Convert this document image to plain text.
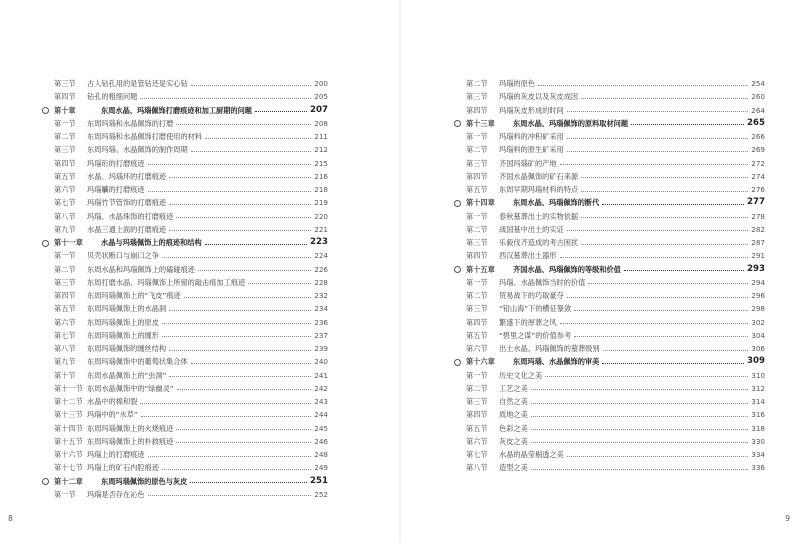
第三节	古人钻孔用的是管钻还是实心钻	200
第四节	钻孔的粗细问题	205
第十章	东周水晶、玛瑙佩饰打磨痕迹和加工厨期的问题	207
第一节	东周玛瑙和水晶佩饰的打磨	208
第二节	东周玛瑙和水晶佩饰打磨使用的材料	211
第三节	东周玛瑙、水晶佩饰的制作周期	212
第四节	玛瑙珩的打磨痕迹	215
第五节	水晶、玛瑙环的打磨痕迹	216
第六节	玛瑙觿的打磨痕迹	218
第七节	玛瑙竹节管饰的打磨痕迹	219
第八节	玛瑙、水晶珠饰的打磨痕迹	220
第九节	水晶三通上面的打磨痕迹	221
第十一章	水晶与玛瑙佩饰上的痕迹和结构	223
第一节	贝壳状断口与崩口之争	224
第二节	东周水晶和玛瑙佩饰上的磕碰痕迹	226
第三节	东周打磨水晶、玛瑙佩饰上所留的敲击痕加工痕迹	228
第四节	东周玛瑙佩饰上的“飞皮”痕迹	232
第五节	东周玛瑙佩饰上的水晶洞	234
第六节	东周玛瑙佩饰上的原皮	236
第七节	东周玛瑙佩饰上的缠形	237
第八节	东周玛瑙佩饰的缠丝结构	239
第九节	东周玛瑙佩饰中的葡萄状集合体	240
第十节	东周水晶佩饰上的“虫洞”	241
第十一节 东周水晶佩饰中的“绿幽灵”	242
第十二节 水晶中的棉和裂	243
第十三节 玛瑙中的“水草”	244
第十四节 东周玛瑙佩饰上的火烧痕迹	245
第十五节 东周玛瑙佩饰上的朴救痕迹	246
第十六节 玛瑙上的打磨痕迹	248
第十七节 玛瑙上的矿石内腔痕迹	249
第十二章	东周玛瑙佩饰的原色与灰皮	251
第一节	玛瑙是否存在沁色	252
8
第二节	玛瑙的原色	254
第三节	玛瑙的灰皮以及灰皮成因	260
第四节	玛瑙灰皮形成的时间	264
第十三章	东周水晶、玛瑙佩饰的原料取材问题	265
第一节	玛瑙料的冲积矿采用	266
第二节	玛瑙料的原生矿采用	269
第三节	齐国玛瑙矿的产地	272
第四节	齐国水晶佩饰的矿石来源	274
第五节	东周早期玛瑙材料的特点	276
第十四章	东周水晶、玛瑙佩饰的断代	277
第一节	春秋墓葬出土的实物依据	278
第二节	战国墓中出土的实证	282
第三节	乐毅伐齐造成的考古困扰	287
第四节	西汉墓葬出土器形	291
第十五章	齐国水晶、玛瑙佩饰的等级和价值	293
第一节	玛瑙、水晶佩饰当时的价值	294
第二节	贸易战下的巧取豪夺	296
第三节	“铅山海”下的横征暴敛	298
第四节	繁盛下的厚葬之风	302
第五节	“碧里之谋”的价值参考	304
第六节	出土水晶、玛瑙佩饰的墓葬级别	306
第十六章	东周玛瑙、水晶佩饰的审美	309
第一节	历史文化之美	310
第二节	工艺之美	312
第三节	自然之美	314
第四节	质地之美	316
第五节	色彩之美	318
第六节	灰皮之美	330
第七节	水晶的晶莹剔透之美	334
第八节	造型之美	336
9
